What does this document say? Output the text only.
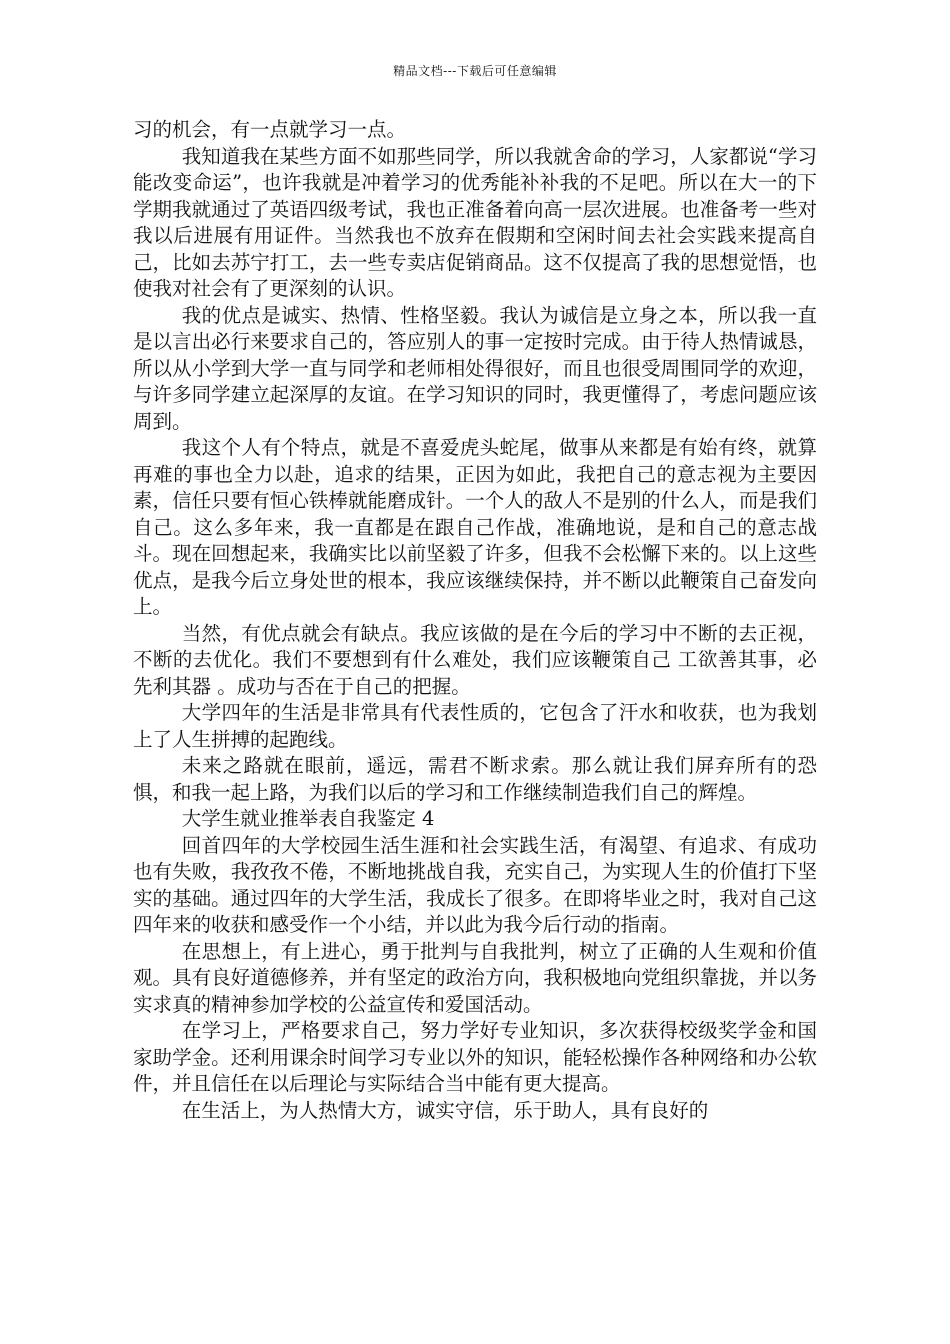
精品文档---下载后可任意编辑

习的机会，有一点就学习一点。

我知道我在某些方面不如那些同学，所以我就舍命的学习，人家都说“学习能改变命运”，也许我就是冲着学习的优秀能补补我的不足吧。所以在大一的下学期我就通过了英语四级考试，我也正准备着向高一层次进展。也准备考一些对我以后进展有用证件。当然我也不放弃在假期和空闲时间去社会实践来提高自己，比如去苏宁打工，去一些专卖店促销商品。这不仅提高了我的思想觉悟，也使我对社会有了更深刻的认识。

我的优点是诚实、热情、性格坚毅。我认为诚信是立身之本，所以我一直是以言出必行来要求自己的，答应别人的事一定按时完成。由于待人热情诚恳，所以从小学到大学一直与同学和老师相处得很好，而且也很受周围同学的欢迎，与许多同学建立起深厚的友谊。在学习知识的同时，我更懂得了，考虑问题应该周到。

我这个人有个特点，就是不喜爱虎头蛇尾，做事从来都是有始有终，就算再难的事也全力以赴，追求的结果，正因为如此，我把自己的意志视为主要因素，信任只要有恒心铁棒就能磨成针。一个人的敌人不是别的什么人，而是我们自己。这么多年来，我一直都是在跟自己作战，准确地说，是和自己的意志战斗。现在回想起来，我确实比以前坚毅了许多，但我不会松懈下来的。以上这些优点，是我今后立身处世的根本，我应该继续保持，并不断以此鞭策自己奋发向上。

当然，有优点就会有缺点。我应该做的是在今后的学习中不断的去正视，不断的去优化。我们不要想到有什么难处，我们应该鞭策自己 工欲善其事，必先利其器 。成功与否在于自己的把握。

大学四年的生活是非常具有代表性质的，它包含了汗水和收获，也为我划上了人生拼搏的起跑线。

未来之路就在眼前，遥远，需君不断求索。那么就让我们屏弃所有的恐惧，和我一起上路，为我们以后的学习和工作继续制造我们自己的辉煌。

大学生就业推举表自我鉴定 4

回首四年的大学校园生活生涯和社会实践生活，有渴望、有追求、有成功也有失败，我孜孜不倦，不断地挑战自我，充实自己，为实现人生的价值打下坚实的基础。通过四年的大学生活，我成长了很多。在即将毕业之时，我对自己这四年来的收获和感受作一个小结，并以此为我今后行动的指南。

在思想上，有上进心，勇于批判与自我批判，树立了正确的人生观和价值观。具有良好道德修养，并有坚定的政治方向，我积极地向党组织靠拢，并以务实求真的精神参加学校的公益宣传和爱国活动。

在学习上，严格要求自己，努力学好专业知识，多次获得校级奖学金和国家助学金。还利用课余时间学习专业以外的知识，能轻松操作各种网络和办公软件，并且信任在以后理论与实际结合当中能有更大提高。

在生活上，为人热情大方，诚实守信，乐于助人，具有良好的
